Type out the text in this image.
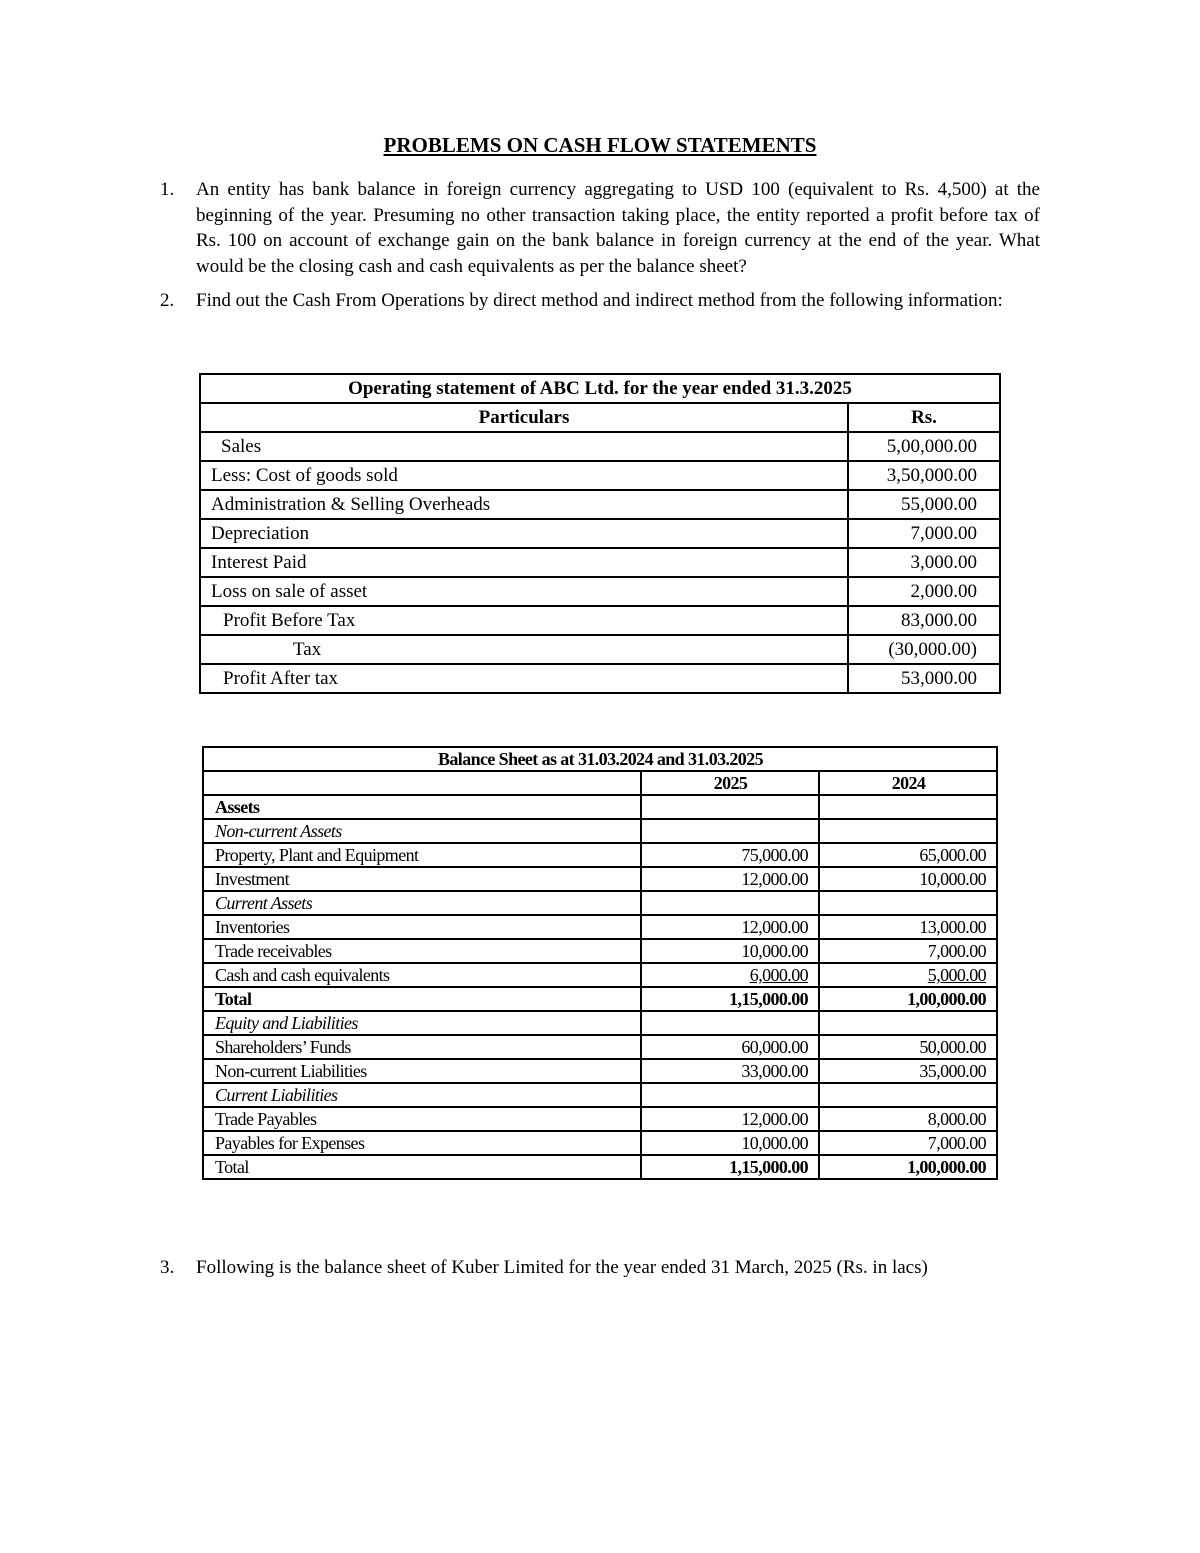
PROBLEMS ON CASH FLOW STATEMENTS
1. An entity has bank balance in foreign currency aggregating to USD 100 (equivalent to Rs. 4,500) at the beginning of the year. Presuming no other transaction taking place, the entity reported a profit before tax of Rs. 100 on account of exchange gain on the bank balance in foreign currency at the end of the year. What would be the closing cash and cash equivalents as per the balance sheet?
2. Find out the Cash From Operations by direct method and indirect method from the following information:
Operating statement of ABC Ltd. for the year ended 31.3.2025	
Particulars	Rs.
Sales	5,00,000.00
Less: Cost of goods sold	3,50,000.00
Administration & Selling Overheads	55,000.00
Depreciation	7,000.00
Interest Paid	3,000.00
Loss on sale of asset	2,000.00
Profit Before Tax	83,000.00
Tax	(30,000.00)
Profit After tax	53,000.00
Balance Sheet as at 31.03.2024 and 31.03.2025		
	2025	2024
Assets		
Non-current Assets		
Property, Plant and Equipment	75,000.00	65,000.00
Investment	12,000.00	10,000.00
Current Assets		
Inventories	12,000.00	13,000.00
Trade receivables	10,000.00	7,000.00
Cash and cash equivalents	6,000.00	5,000.00
Total	1,15,000.00	1,00,000.00
Equity and Liabilities		
Shareholders’ Funds	60,000.00	50,000.00
Non-current Liabilities	33,000.00	35,000.00
Current Liabilities		
Trade Payables	12,000.00	8,000.00
Payables for Expenses	10,000.00	7,000.00
Total	1,15,000.00	1,00,000.00
3. Following is the balance sheet of Kuber Limited for the year ended 31 March, 2025 (Rs. in lacs)
